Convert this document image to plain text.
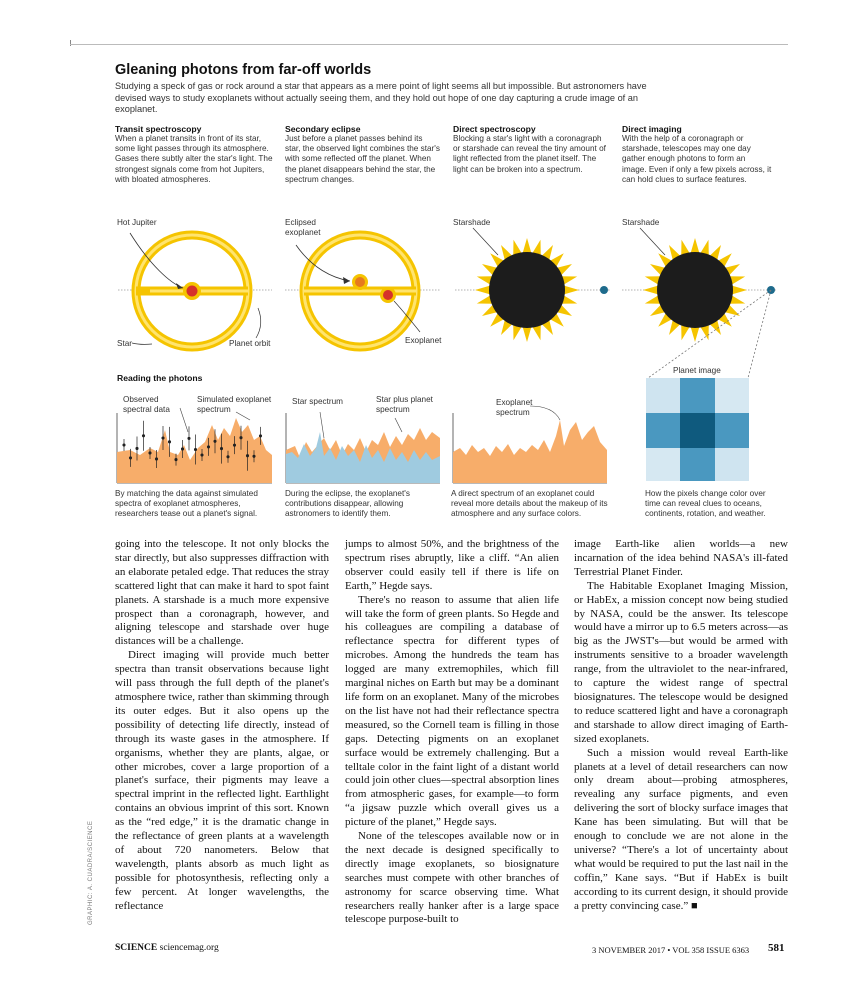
Gleaning photons from far-off worlds
Studying a speck of gas or rock around a star that appears as a mere point of light seems all but impossible. But astronomers have devised ways to study exoplanets without actually seeing them, and they hold out hope of one day capturing a crude image of an exoplanet.
Transit spectroscopy
When a planet transits in front of its star, some light passes through its atmosphere. Gases there subtly alter the star's light. The strongest signals come from hot Jupiters, with bloated atmospheres.
Secondary eclipse
Just before a planet passes behind its star, the observed light combines the star's with some reflected off the planet. When the planet disappears behind the star, the spectrum changes.
Direct spectroscopy
Blocking a star's light with a coronagraph or starshade can reveal the tiny amount of light reflected from the planet itself. The light can be broken into a spectrum.
Direct imaging
With the help of a coronagraph or starshade, telescopes may one day gather enough photons to form an image. Even if only a few pixels across, it can hold clues to surface features.
Hot Jupiter
Star	Planet orbit
Eclipsed exoplanet
Exoplanet
Starshade	Starshade
Planet image
Reading the photons
Observed spectral data
Simulated exoplanet spectrum
Star spectrum	Star plus planet spectrum
Exoplanet spectrum
By matching the data against simulated spectra of exoplanet atmospheres, researchers tease out a planet's signal.
During the eclipse, the exoplanet's contributions disappear, allowing astronomers to identify them.
A direct spectrum of an exoplanet could reveal more details about the makeup of its atmosphere and any surface colors.
How the pixels change color over time can reveal clues to oceans, continents, rotation, and weather.

going into the telescope. It not only blocks the star directly, but also suppresses diffraction with an elaborate petaled edge. That reduces the stray scattered light that can make it hard to spot faint planets. A starshade is a much more expensive prospect than a coronagraph, however, and aligning telescope and starshade over huge distances will be a challenge.

Direct imaging will provide much better spectra than transit observations because light will pass through the full depth of the planet's atmosphere twice, rather than skimming through its outer edges. But it also opens up the possibility of detecting life directly, instead of through its waste gases in the atmosphere. If organisms, whether they are plants, algae, or other microbes, cover a large proportion of a planet's surface, their pigments may leave a spectral imprint in the reflected light. Earthlight contains an obvious imprint of this sort. Known as the “red edge,” it is the dramatic change in the reflectance of green plants at a wavelength of about 720 nanometers. Below that wavelength, plants absorb as much light as possible for photosynthesis, reflecting only a few percent. At longer wavelengths, the reflectance

jumps to almost 50%, and the brightness of the spectrum rises abruptly, like a cliff. “An alien observer could easily tell if there is life on Earth,” Hegde says.

There's no reason to assume that alien life will take the form of green plants. So Hegde and his colleagues are compiling a database of reflectance spectra for different types of microbes. Among the hundreds the team has logged are many extremophiles, which fill marginal niches on Earth but may be a dominant life form on an exoplanet. Many of the microbes on the list have not had their reflectance spectra measured, so the Cornell team is filling in those gaps. Detecting pigments on an exoplanet surface would be extremely challenging. But a telltale color in the faint light of a distant world could join other clues—spectral absorption lines from atmospheric gases, for example—to form “a jigsaw puzzle which overall gives us a picture of the planet,” Hegde says.

None of the telescopes available now or in the next decade is designed specifically to directly image exoplanets, so biosignature searches must compete with other branches of astronomy for scarce observing time. What researchers really hanker after is a large space telescope purpose-built to

image Earth-like alien worlds—a new incarnation of the idea behind NASA's ill-fated Terrestrial Planet Finder.

The Habitable Exoplanet Imaging Mission, or HabEx, a mission concept now being studied by NASA, could be the answer. Its telescope would have a mirror up to 6.5 meters across—as big as the JWST's—but would be armed with instruments sensitive to a broader wavelength range, from the ultraviolet to the near-infrared, to capture the widest range of spectral biosignatures. The telescope would be designed to reduce scattered light and have a coronagraph and starshade to allow direct imaging of Earth-sized exoplanets.

Such a mission would reveal Earth-like planets at a level of detail researchers can now only dream about—probing atmospheres, revealing any surface pigments, and even delivering the sort of blocky surface images that Kane has been simulating. But will that be enough to conclude we are not alone in the universe? “There's a lot of uncertainty about what would be required to put the last nail in the coffin,” Kane says. “But if HabEx is built according to its current design, it should provide a pretty convincing case.” ■

GRAPHIC: A. CUADRA/SCIENCE
SCIENCE sciencemag.org	3 NOVEMBER 2017 • VOL 358 ISSUE 6363 581
